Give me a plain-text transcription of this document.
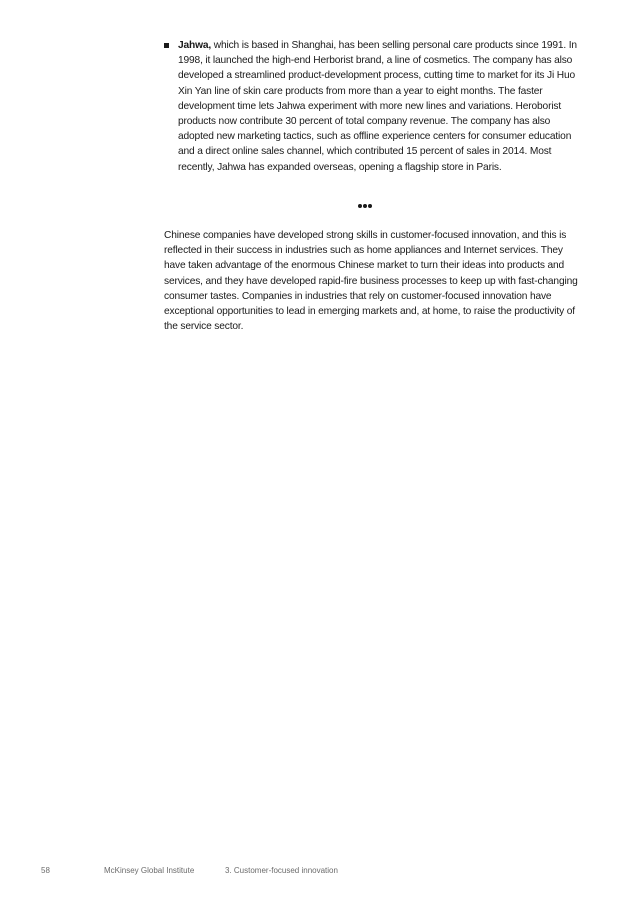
Jahwa, which is based in Shanghai, has been selling personal care products since 1991. In 1998, it launched the high-end Herborist brand, a line of cosmetics. The company has also developed a streamlined product-development process, cutting time to market for its Ji Huo Xin Yan line of skin care products from more than a year to eight months. The faster development time lets Jahwa experiment with more new lines and variations. Heroborist products now contribute 30 percent of total company revenue. The company has also adopted new marketing tactics, such as offline experience centers for consumer education and a direct online sales channel, which contributed 15 percent of sales in 2014. Most recently, Jahwa has expanded overseas, opening a flagship store in Paris.

Chinese companies have developed strong skills in customer-focused innovation, and this is reflected in their success in industries such as home appliances and Internet services. They have taken advantage of the enormous Chinese market to turn their ideas into products and services, and they have developed rapid-fire business processes to keep up with fast-changing consumer tastes. Companies in industries that rely on customer-focused innovation have exceptional opportunities to lead in emerging markets and, at home, to raise the productivity of the service sector.

58	McKinsey Global Institute	3. Customer-focused innovation
